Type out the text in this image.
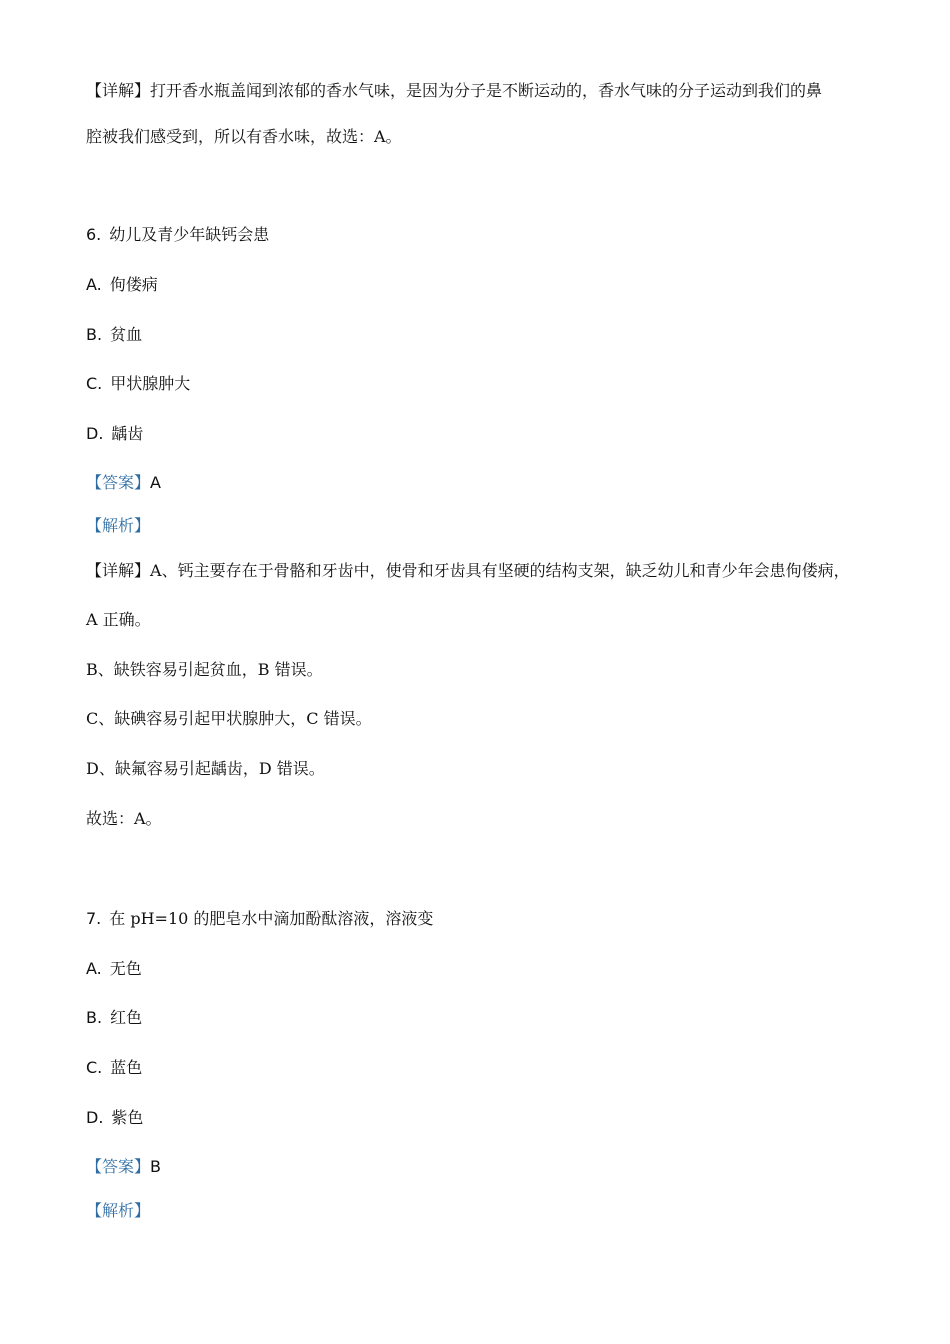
【详解】打开香水瓶盖闻到浓郁的香水气味，是因为分子是不断运动的，香水气味的分子运动到我们的鼻
腔被我们感受到，所以有香水味，故选：A。
6. 幼儿及青少年缺钙会患
A. 佝偻病
B. 贫血
C. 甲状腺肿大
D. 龋齿
【答案】A
【解析】
【详解】A、钙主要存在于骨骼和牙齿中，使骨和牙齿具有坚硬的结构支架，缺乏幼儿和青少年会患佝偻病，
A 正确。
B、缺铁容易引起贫血，B 错误。
C、缺碘容易引起甲状腺肿大，C 错误。
D、缺氟容易引起龋齿，D 错误。
故选：A。
7. 在 pH=10 的肥皂水中滴加酚酞溶液，溶液变
A. 无色
B. 红色
C. 蓝色
D. 紫色
【答案】B
【解析】
